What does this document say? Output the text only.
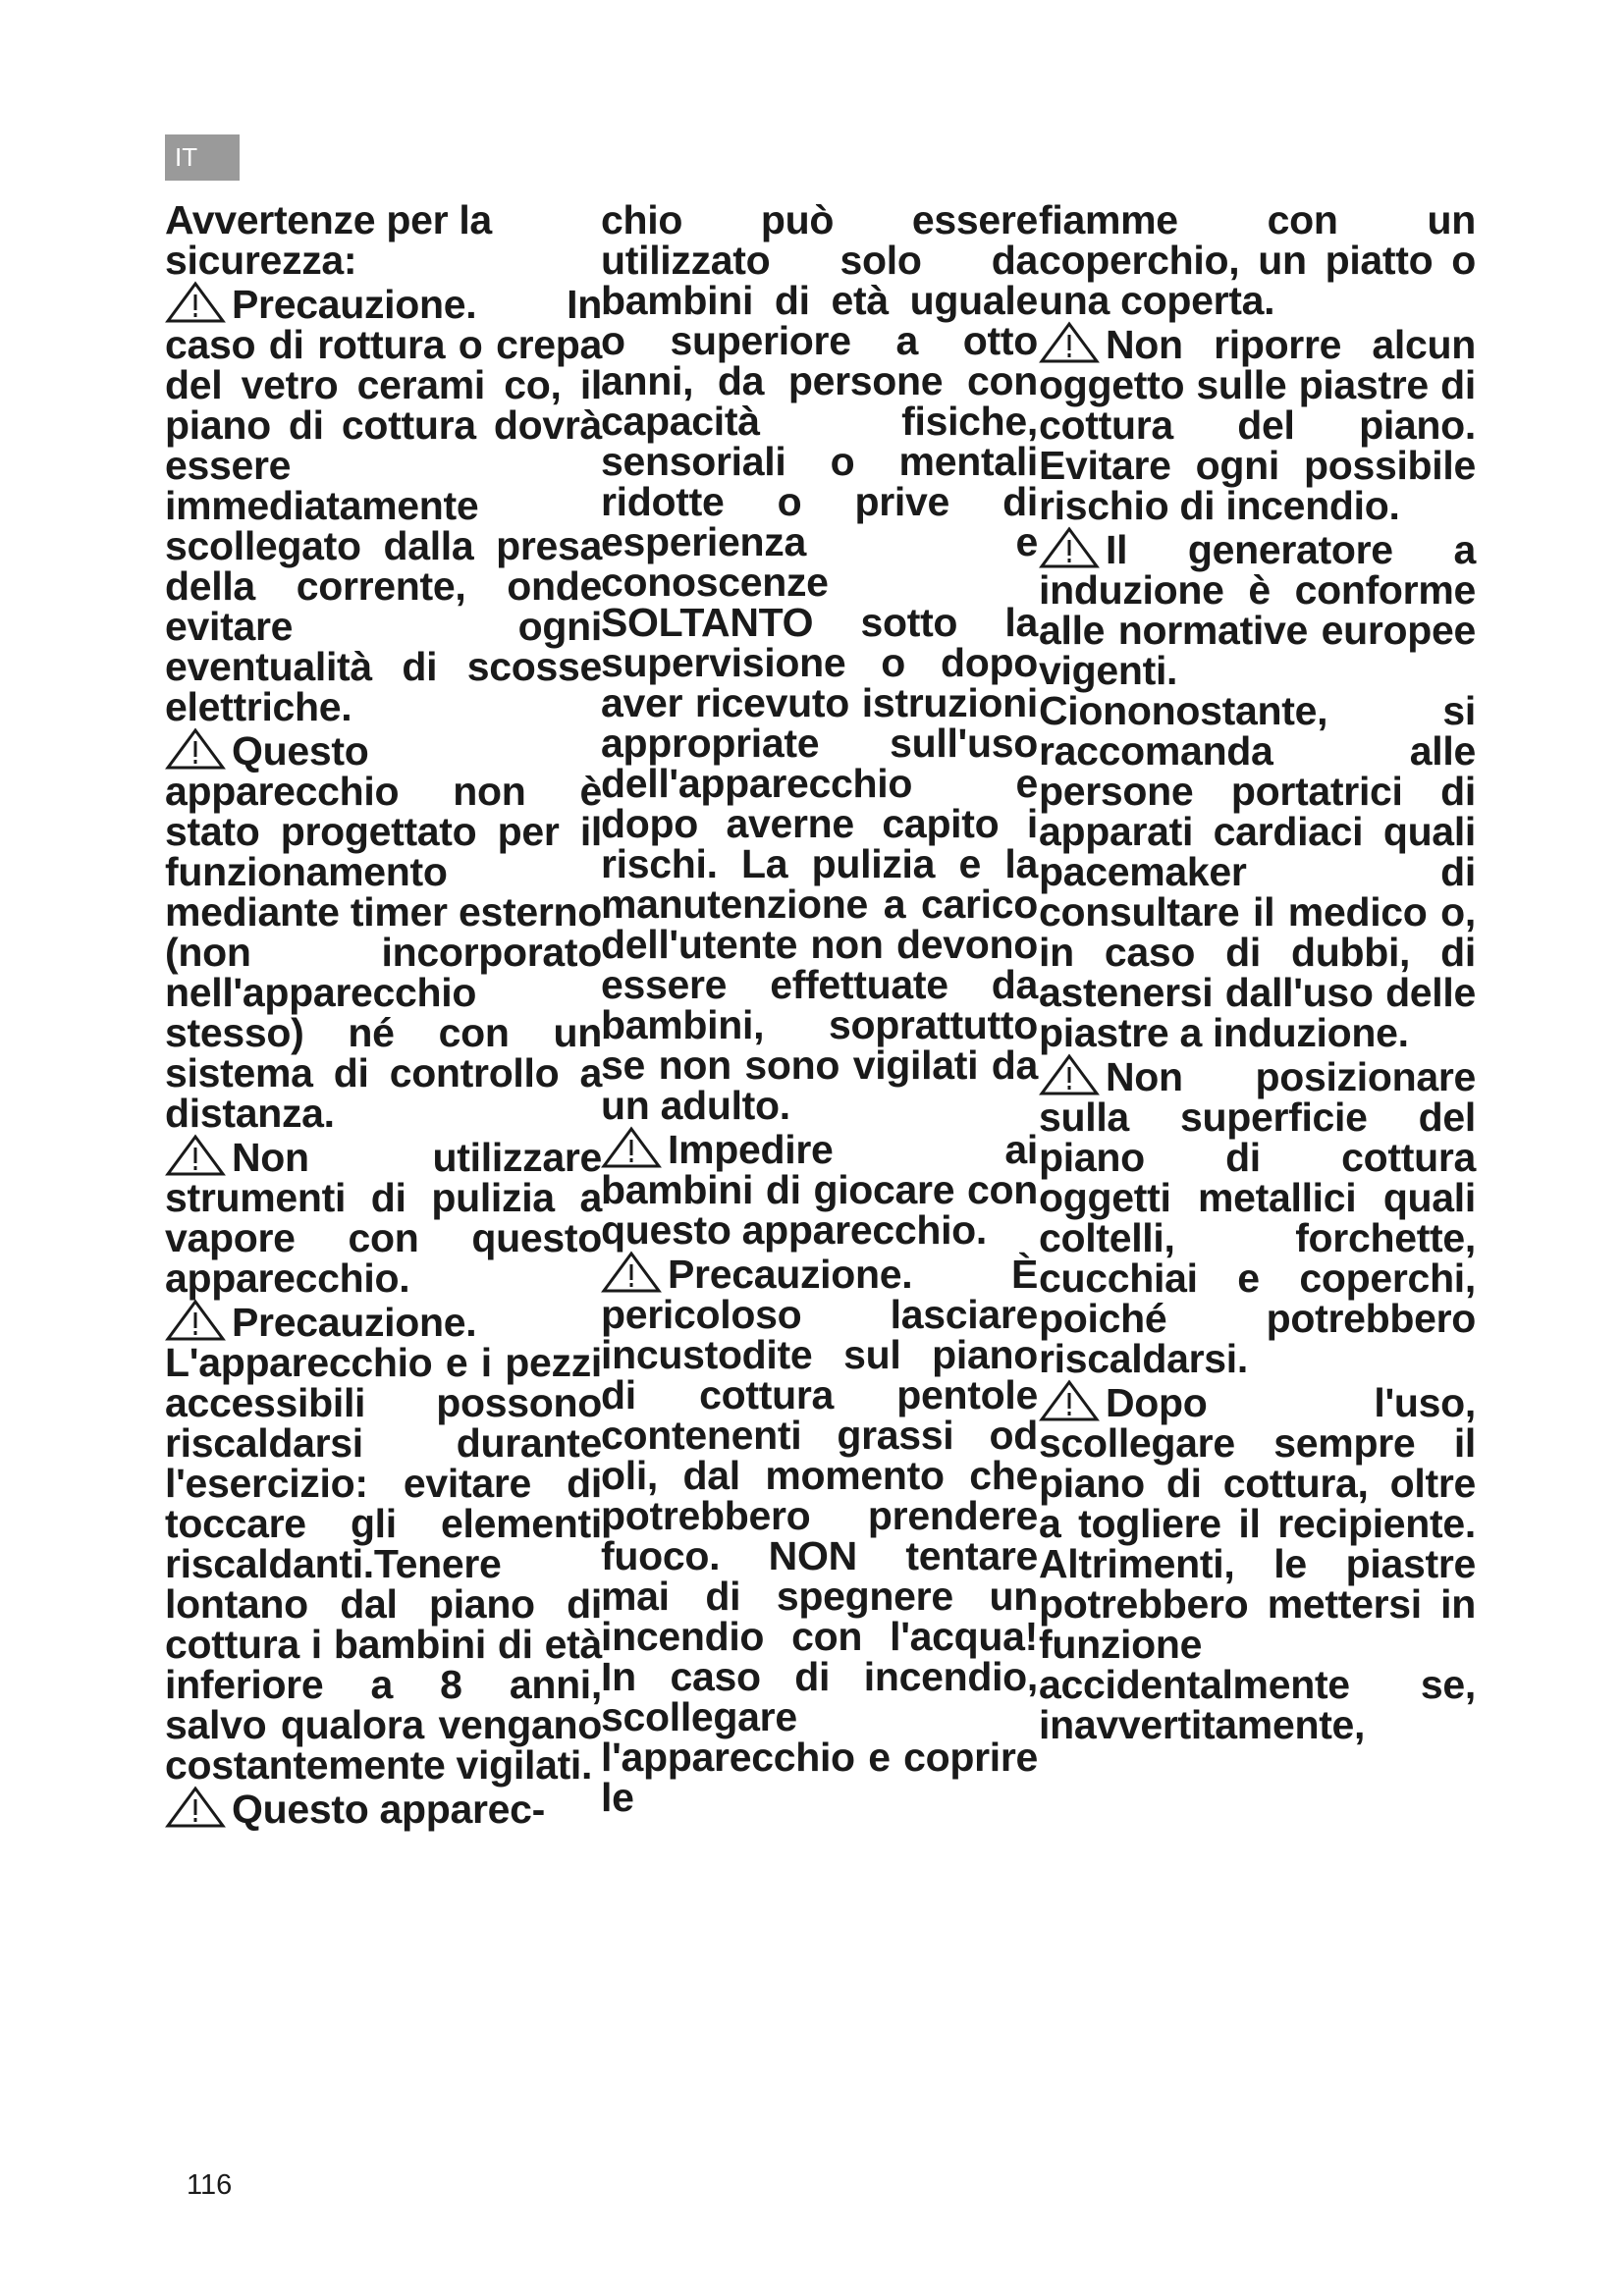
IT
Avvertenze per la sicurezza:

Precauzione. In caso di rottura o crepa del vetro cerami co, il piano di cottura dovrà essere immediatamente scollegato dalla presa della corrente, onde evitare ogni eventualità di scosse elettriche.

Questo apparecchio non è stato progettato per il funzionamento mediante timer esterno (non incorporato nell'apparecchio stesso) né con un sistema di controllo a distanza.

Non utilizzare strumenti di pulizia a vapore con questo apparecchio.

Precauzione. L'apparecchio e i pezzi accessibili possono riscaldarsi durante l'esercizio: evitare di toccare gli elementi riscaldanti.Tenere lontano dal piano di cottura i bambini di età inferiore a 8 anni, salvo qualora vengano costantemente vigilati.

Questo apparec-

chio può essere utilizzato solo da bambini di età uguale o superiore a otto anni, da persone con capacità fisiche, sensoriali o mentali ridotte o prive di esperienza e conoscenze SOLTANTO sotto la supervisione o dopo aver ricevuto istruzioni appropriate sull'uso dell'apparecchio e dopo averne capito i rischi. La pulizia e la manutenzione a carico dell'utente non devono essere effettuate da bambini, soprattutto se non sono vigilati da un adulto.

Impedire ai bambini di giocare con questo apparecchio.

Precauzione. È pericoloso lasciare incustodite sul piano di cottura pentole contenenti grassi od oli, dal momento che potrebbero prendere fuoco. NON tentare mai di spegnere un incendio con l'acqua! In caso di incendio, scollegare l'apparecchio e coprire le

fiamme con un coperchio, un piatto o una coperta.

Non riporre alcun oggetto sulle piastre di cottura del piano. Evitare ogni possibile rischio di incendio.

Il generatore a induzione è conforme alle normative europee vigenti. Ciononostante, si raccomanda alle persone portatrici di apparati cardiaci quali pacemaker di consultare il medico o, in caso di dubbi, di astenersi dall'uso delle piastre a induzione.

Non posizionare sulla superficie del piano di cottura oggetti metallici quali coltelli, forchette, cucchiai e coperchi, poiché potrebbero riscaldarsi.

Dopo l'uso, scollegare sempre il piano di cottura, oltre a togliere il recipiente. Altrimenti, le piastre potrebbero mettersi in funzione accidentalmente se, inavvertitamente,

116
